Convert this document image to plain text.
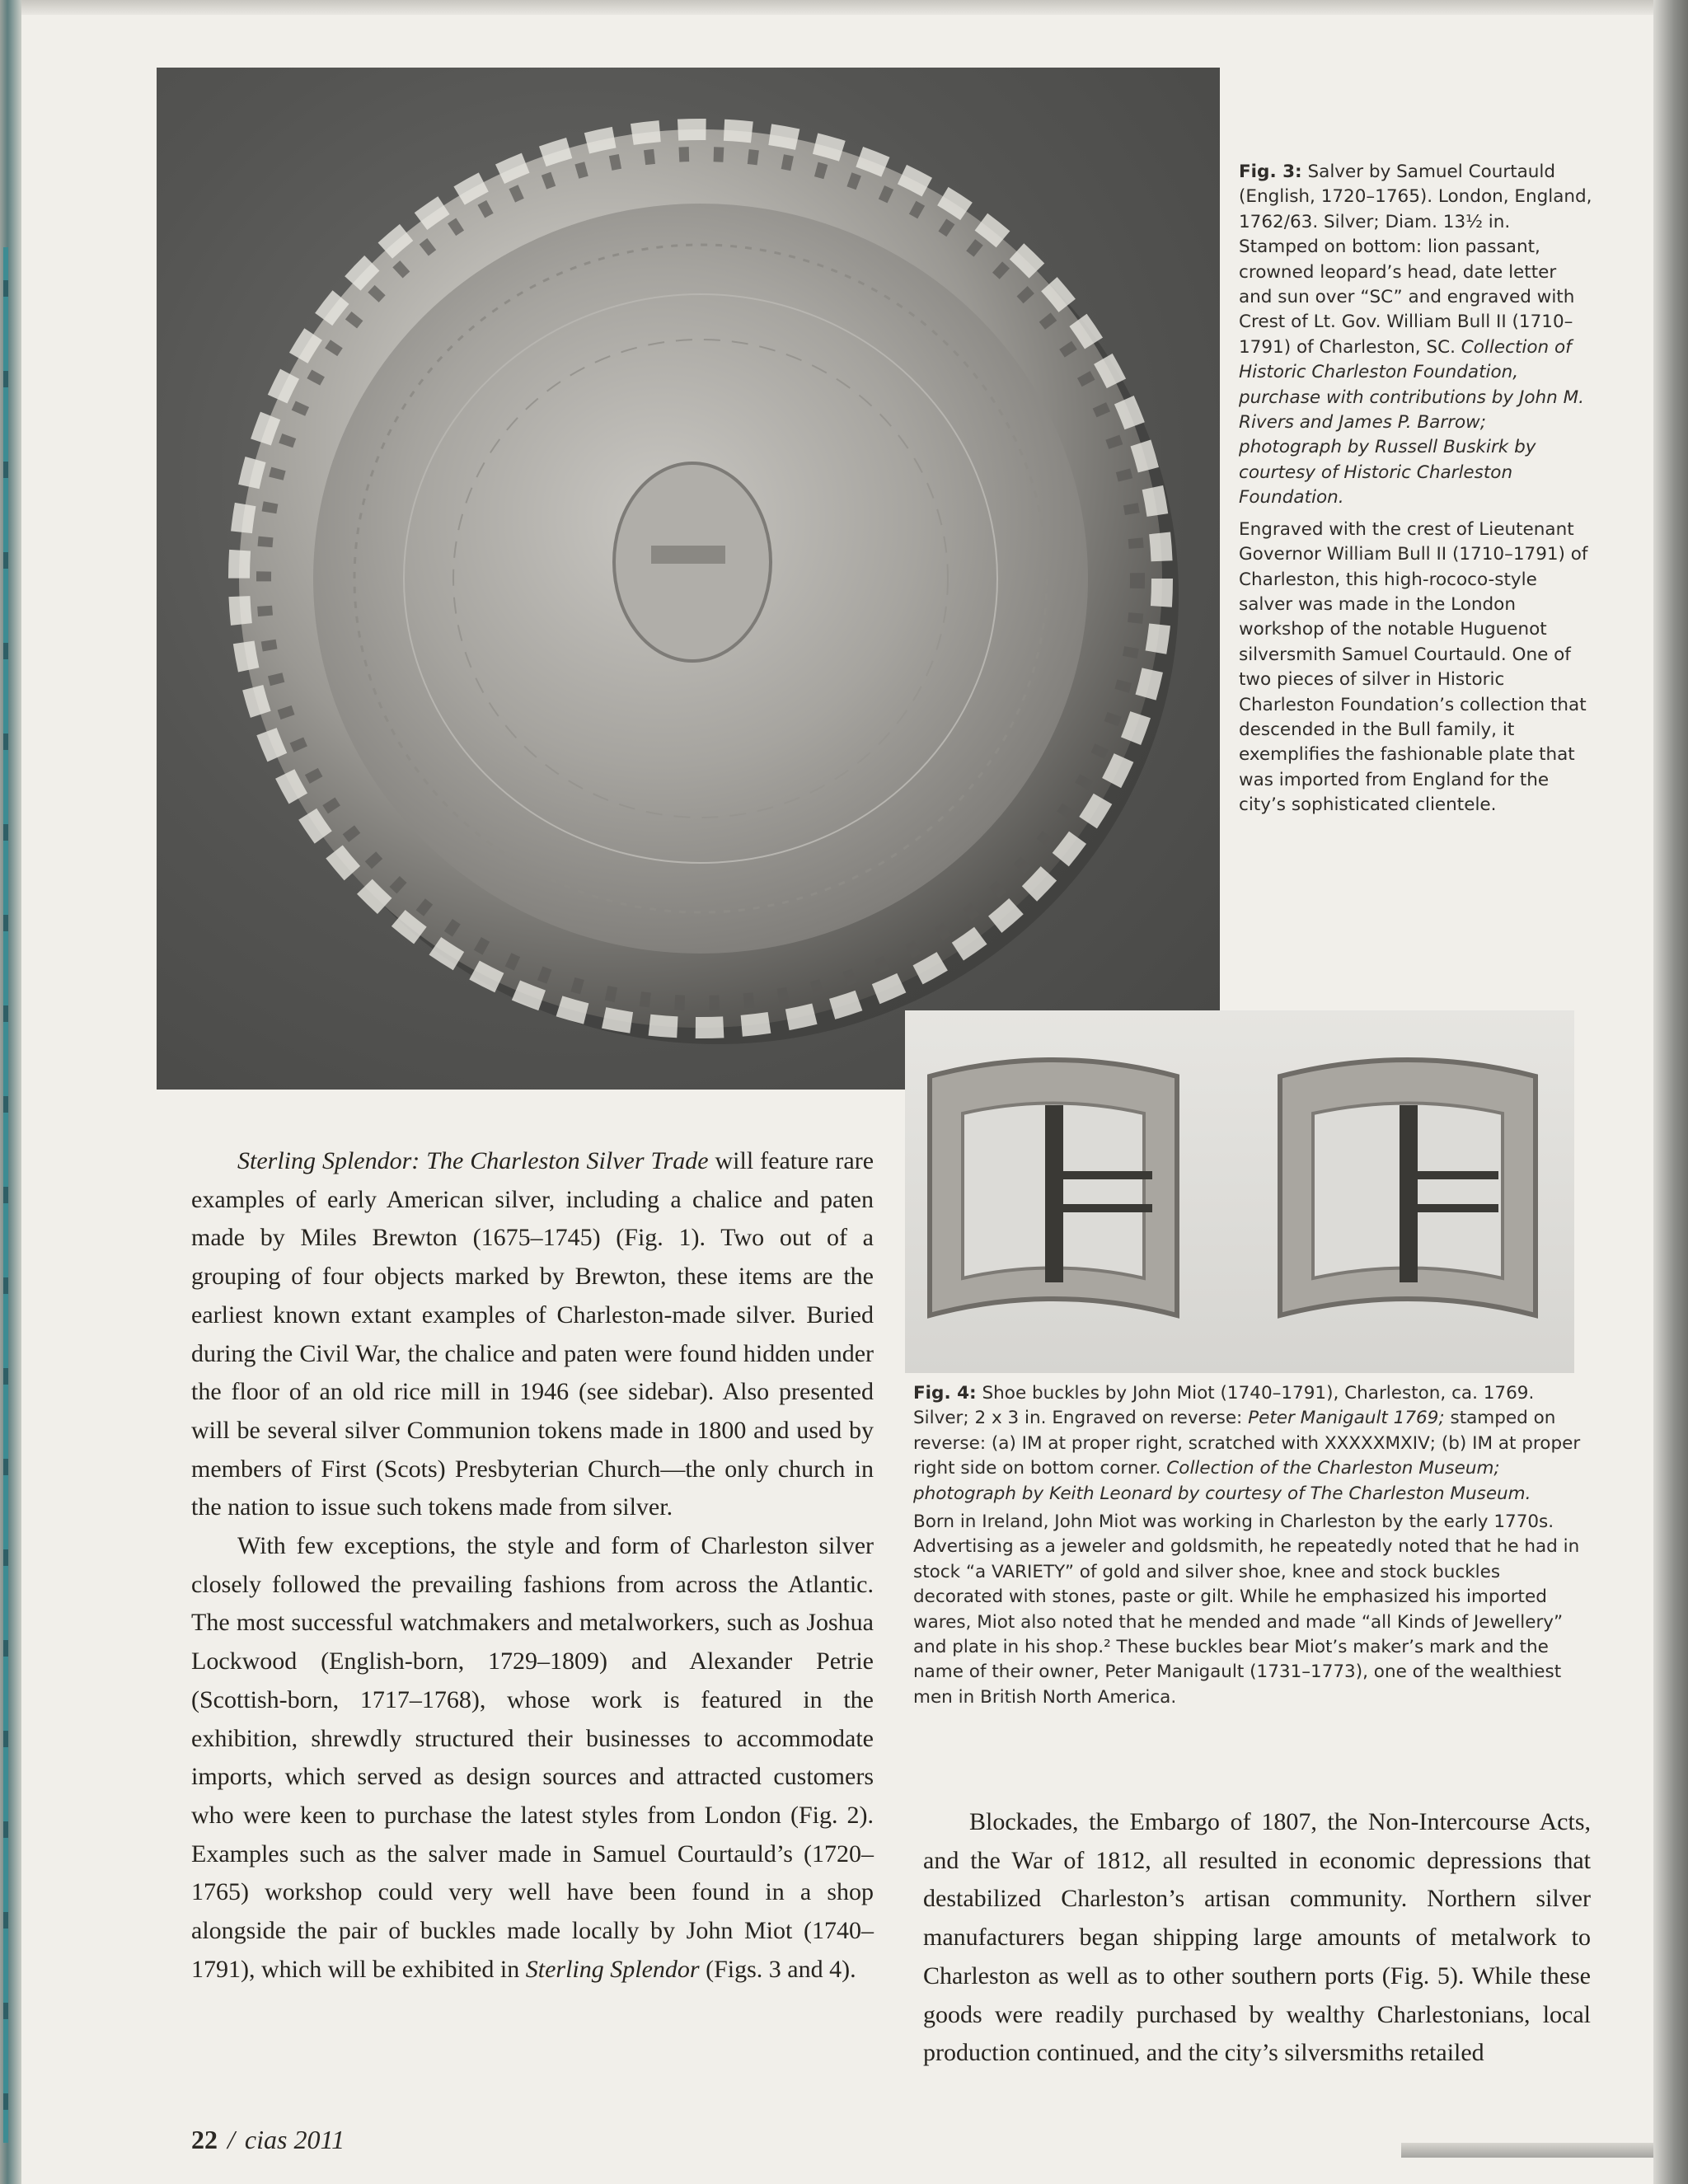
Fig. 3: Salver by Samuel Courtauld (English, 1720–1765). London, England, 1762/63. Silver; Diam. 13½ in. Stamped on bottom: lion passant, crowned leopard’s head, date letter and sun over “SC” and engraved with Crest of Lt. Gov. William Bull II (1710–1791) of Charleston, SC. Collection of Historic Charleston Foundation, purchase with contributions by John M. Rivers and James P. Barrow; photograph by Russell Buskirk by courtesy of Historic Charleston Foundation.

Engraved with the crest of Lieutenant Governor William Bull II (1710–1791) of Charleston, this high-rococo-style salver was made in the London workshop of the notable Huguenot silversmith Samuel Courtauld. One of two pieces of silver in Historic Charleston Foundation’s collection that descended in the Bull family, it exemplifies the fashionable plate that was imported from England for the city’s sophisticated clientele.

Fig. 4: Shoe buckles by John Miot (1740–1791), Charleston, ca. 1769. Silver; 2 x 3 in. Engraved on reverse: Peter Manigault 1769; stamped on reverse: (a) IM at proper right, scratched with XXXXXMXIV; (b) IM at proper right side on bottom corner. Collection of the Charleston Museum; photograph by Keith Leonard by courtesy of The Charleston Museum.

Born in Ireland, John Miot was working in Charleston by the early 1770s. Advertising as a jeweler and goldsmith, he repeatedly noted that he had in stock “a VARIETY” of gold and silver shoe, knee and stock buckles decorated with stones, paste or gilt. While he emphasized his imported wares, Miot also noted that he mended and made “all Kinds of Jewellery” and plate in his shop.² These buckles bear Miot’s maker’s mark and the name of their owner, Peter Manigault (1731–1773), one of the wealthiest men in British North America.

Sterling Splendor: The Charleston Silver Trade will feature rare examples of early American silver, including a chalice and paten made by Miles Brewton (1675–1745) (Fig. 1). Two out of a grouping of four objects marked by Brewton, these items are the earliest known extant examples of Charleston-made silver. Buried during the Civil War, the chalice and paten were found hidden under the floor of an old rice mill in 1946 (see sidebar). Also presented will be several silver Communion tokens made in 1800 and used by members of First (Scots) Presbyterian Church—the only church in the nation to issue such tokens made from silver.

With few exceptions, the style and form of Charleston silver closely followed the prevailing fashions from across the Atlantic. The most successful watchmakers and metalworkers, such as Joshua Lockwood (English-born, 1729–1809) and Alexander Petrie (Scottish-born, 1717–1768), whose work is featured in the exhibition, shrewdly structured their businesses to accommodate imports, which served as design sources and attracted customers who were keen to purchase the latest styles from London (Fig. 2). Examples such as the salver made in Samuel Courtauld’s (1720–1765) workshop could very well have been found in a shop alongside the pair of buckles made locally by John Miot (1740–1791), which will be exhibited in Sterling Splendor (Figs. 3 and 4).

Blockades, the Embargo of 1807, the Non-Intercourse Acts, and the War of 1812, all resulted in economic depressions that destabilized Charleston’s artisan community. Northern silver manufacturers began shipping large amounts of metalwork to Charleston as well as to other southern ports (Fig. 5). While these goods were readily purchased by wealthy Charlestonians, local production continued, and the city’s silversmiths retailed

22 / cias 2011
